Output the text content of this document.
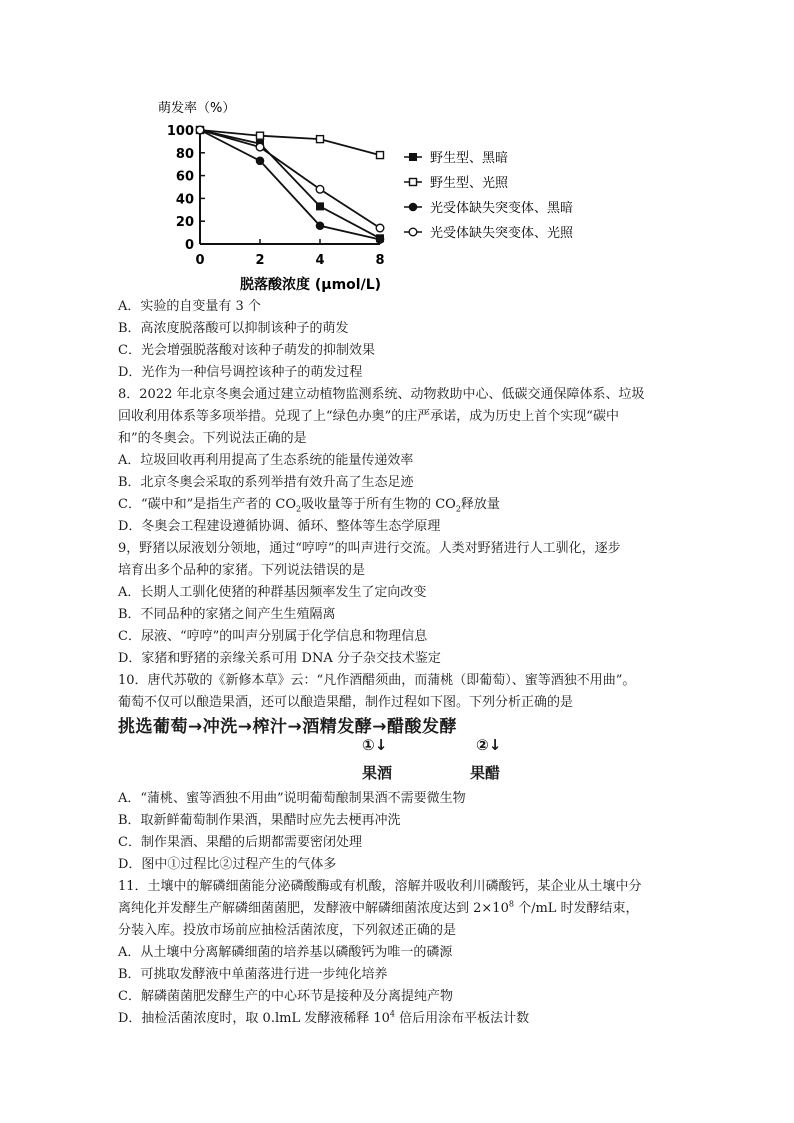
萌发率（%）
0
20
40
60
80
100
0	2	4	8
野生型、黑暗
野生型、光照
光受体缺失突变体、黑暗
光受体缺失突变体、光照
脱落酸浓度 (μmol/L)
A．实验的自变量有 3 个
B．高浓度脱落酸可以抑制该种子的萌发
C．光会增强脱落酸对该种子萌发的抑制效果
D．光作为一种信号调控该种子的萌发过程
8．2022 年北京冬奥会通过建立动植物监测系统、动物救助中心、低碳交通保障体系、垃圾
回收利用体系等多项举措。兑现了上“绿色办奥”的庄严承诺，成为历史上首个实现“碳中
和”的冬奥会。下列说法正确的是
A．垃圾回收再利用提高了生态系统的能量传递效率
B．北京冬奥会采取的系列举措有效升高了生态足迹
C．“碳中和”是指生产者的 $CO_2$吸收量等于所有生物的 $CO_2$释放量
D．冬奥会工程建设遵循协调、循环、整体等生态学原理
9，野猪以尿液划分领地，通过“哼哼”的叫声进行交流。人类对野猪进行人工驯化，逐步
培育出多个品种的家猪。下列说法错误的是
A．长期人工驯化使猪的种群基因频率发生了定向改变
B．不同品种的家猪之间产生生殖隔离
C．尿液、“哼哼”的叫声分别属于化学信息和物理信息
D．家猪和野猪的亲缘关系可用 DNA 分子杂交技术鉴定
10．唐代苏敬的《新修本草》云：“凡作酒醋须曲，而蒲桃（即葡萄）、蜜等酒独不用曲”。
葡萄不仅可以酿造果酒，还可以酿造果醋，制作过程如下图。下列分析正确的是
挑选葡萄→冲洗→榨汁→酒精发酵→醋酸发酵
①↓	②↓
果酒	果醋
A．“蒲桃、蜜等酒独不用曲”说明葡萄酿制果酒不需要微生物
B．取新鲜葡萄制作果酒，果醋时应先去梗再冲洗
C．制作果酒、果醋的后期都需要密闭处理
D．图中①过程比②过程产生的气体多
11．土壤中的解磷细菌能分泌磷酸酶或有机酸，溶解并吸收利川磷酸钙，某企业从土壤中分
离纯化并发酵生产解磷细菌菌肥，发酵液中解磷细菌浓度达到 $2\times 10^8$ 个/mL 时发酵结束，
分装入库。投放市场前应抽检活菌浓度，下列叙述正确的是
A．从土壤中分离解磷细菌的培养基以磷酸钙为唯一的磷源
B．可挑取发酵液中单菌落进行进一步纯化培养
C．解磷菌菌肥发酵生产的中心环节是接种及分离提纯产物
D．抽检活菌浓度时，取 0.lmL 发酵液稀释 $10^4$ 倍后用涂布平板法计数
